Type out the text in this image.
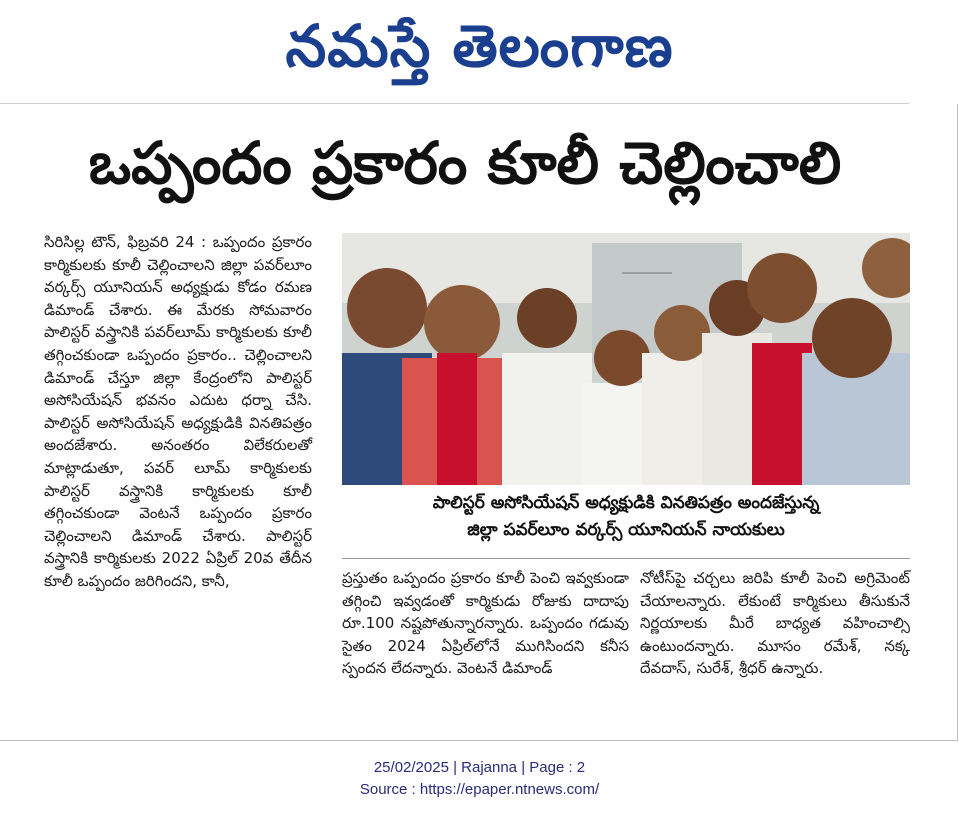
నమస్తే తెలంగాణ
ఒప్పందం ప్రకారం కూలీ చెల్లించాలి

సిరిసిల్ల టౌన్, ఫిబ్రవరి 24 : ఒప్పందం ప్రకారం కార్మికులకు కూలీ చెల్లించాలని జిల్లా పవర్‌లూం వర్కర్స్ యూనియన్ అధ్యక్షుడు కోడం రమణ డిమాండ్ చేశారు. ఈ మేరకు సోమవారం పాలిస్టర్ వస్త్రానికి పవర్‌లూమ్ కార్మికులకు కూలీ తగ్గించకుండా ఒప్పందం ప్రకారం.. చెల్లించాలని డిమాండ్ చేస్తూ జిల్లా కేంద్రంలోని పాలిస్టర్ అసోసియేషన్ భవనం ఎదుట ధర్నా చేసి. పాలిస్టర్ అసోసియేషన్ అధ్యక్షుడికి వినతిపత్రం అందజేశారు. అనంతరం విలేకరులతో మాట్లాడుతూ, పవర్ లూమ్ కార్మికులకు పాలిస్టర్ వస్త్రానికి కార్మికులకు కూలీ తగ్గించకుండా వెంటనే ఒప్పందం ప్రకారం చెల్లించాలని డిమాండ్ చేశారు. పాలిస్టర్ వస్త్రానికి కార్మికులకు 2022 ఏప్రిల్ 20వ తేదీన కూలీ ఒప్పందం జరిగిందని, కానీ,

పాలిస్టర్ అసోసియేషన్ అధ్యక్షుడికి వినతిపత్రం అందజేస్తున్న
జిల్లా పవర్‌లూం వర్కర్స్ యూనియన్ నాయకులు

ప్రస్తుతం ఒప్పందం ప్రకారం కూలీ పెంచి ఇవ్వకుండా తగ్గించి ఇవ్వడంతో కార్మికుడు రోజుకు దాదాపు రూ.100 నష్టపోతున్నారన్నారు. ఒప్పందం గడువు సైతం 2024 ఏప్రిల్‌లోనే ముగిసిందని కనీస స్పందన లేదన్నారు. వెంటనే డిమాండ్

నోటీస్‌పై చర్చలు జరిపి కూలీ పెంచి అగ్రిమెంట్ చేయాలన్నారు. లేకుంటే కార్మికులు తీసుకునే నిర్ణయాలకు మీరే బాధ్యత వహించాల్సి ఉంటుందన్నారు. మూసం రమేశ్, నక్క దేవదాస్, సురేశ్, శ్రీధర్ ఉన్నారు.

25/02/2025 | Rajanna | Page : 2
Source : https://epaper.ntnews.com/
